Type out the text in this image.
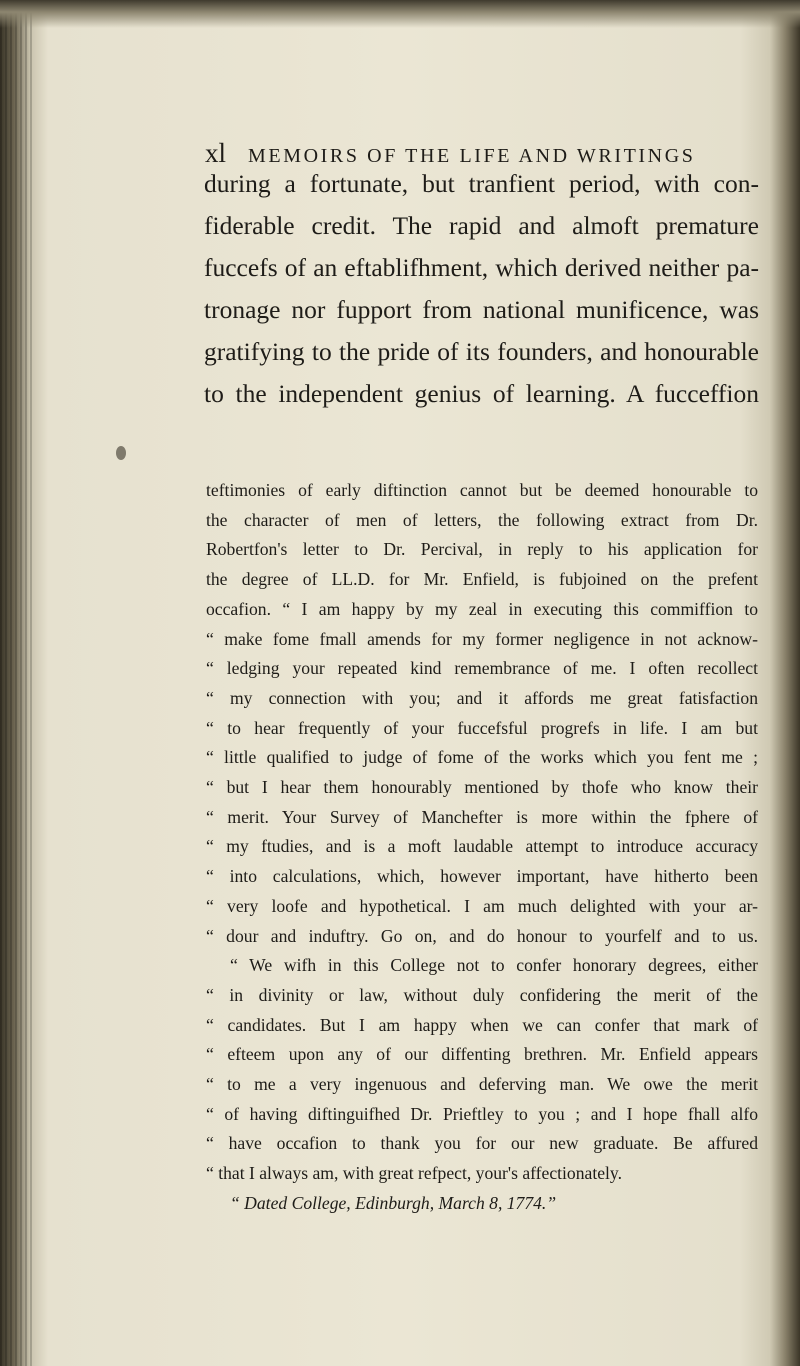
xl MEMOIRS OF THE LIFE AND WRITINGS
during a fortunate, but tranfient period, with con-
fiderable credit. The rapid and almoft premature
fuccefs of an eftablifhment, which derived neither pa-
tronage nor fupport from national munificence, was
gratifying to the pride of its founders, and honourable
to the independent genius of learning. A fucceffion
teftimonies of early diftinction cannot but be deemed honourable to
the character of men of letters, the following extract from Dr.
Robertfon's letter to Dr. Percival, in reply to his application for
the degree of LL.D. for Mr. Enfield, is fubjoined on the prefent
occafion. “ I am happy by my zeal in executing this commiffion to
“ make fome fmall amends for my former negligence in not acknow-
“ ledging your repeated kind remembrance of me. I often recollect
“ my connection with you; and it affords me great fatisfaction
“ to hear frequently of your fuccefsful progrefs in life. I am but
“ little qualified to judge of fome of the works which you fent me ;
“ but I hear them honourably mentioned by thofe who know their
“ merit. Your Survey of Manchefter is more within the fphere of
“ my ftudies, and is a moft laudable attempt to introduce accuracy
“ into calculations, which, however important, have hitherto been
“ very loofe and hypothetical. I am much delighted with your ar-
“ dour and induftry. Go on, and do honour to yourfelf and to us.
“ We wifh in this College not to confer honorary degrees, either
“ in divinity or law, without duly confidering the merit of the
“ candidates. But I am happy when we can confer that mark of
“ efteem upon any of our diffenting brethren. Mr. Enfield appears
“ to me a very ingenuous and deferving man. We owe the merit
“ of having diftinguifhed Dr. Prieftley to you ; and I hope fhall alfo
“ have occafion to thank you for our new graduate. Be affured
“ that I always am, with great refpect, your's affectionately.
“ Dated College, Edinburgh, March 8, 1774.”
